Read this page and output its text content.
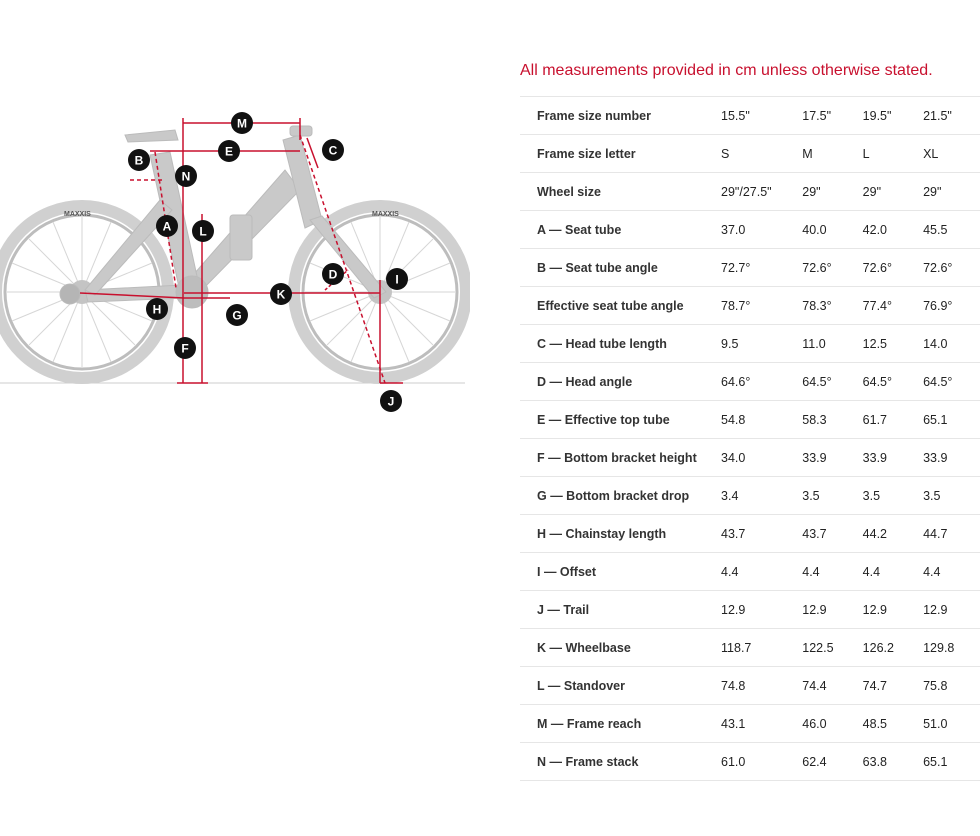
MAXXIS	MAXXIS
A
B
C
D
E
F
G
H
I
J
K
L
M
N
All measurements provided in cm unless otherwise stated.
Frame size number	15.5"	17.5"	19.5"	21.5"
Frame size letter	S	M	L	XL
Wheel size	29"/27.5"	29"	29"	29"
A — Seat tube	37.0	40.0	42.0	45.5
B — Seat tube angle	72.7°	72.6°	72.6°	72.6°
Effective seat tube angle	78.7°	78.3°	77.4°	76.9°
C — Head tube length	9.5	11.0	12.5	14.0
D — Head angle	64.6°	64.5°	64.5°	64.5°
E — Effective top tube	54.8	58.3	61.7	65.1
F — Bottom bracket height	34.0	33.9	33.9	33.9
G — Bottom bracket drop	3.4	3.5	3.5	3.5
H — Chainstay length	43.7	43.7	44.2	44.7
I — Offset	4.4	4.4	4.4	4.4
J — Trail	12.9	12.9	12.9	12.9
K — Wheelbase	118.7	122.5	126.2	129.8
L — Standover	74.8	74.4	74.7	75.8
M — Frame reach	43.1	46.0	48.5	51.0
N — Frame stack	61.0	62.4	63.8	65.1
